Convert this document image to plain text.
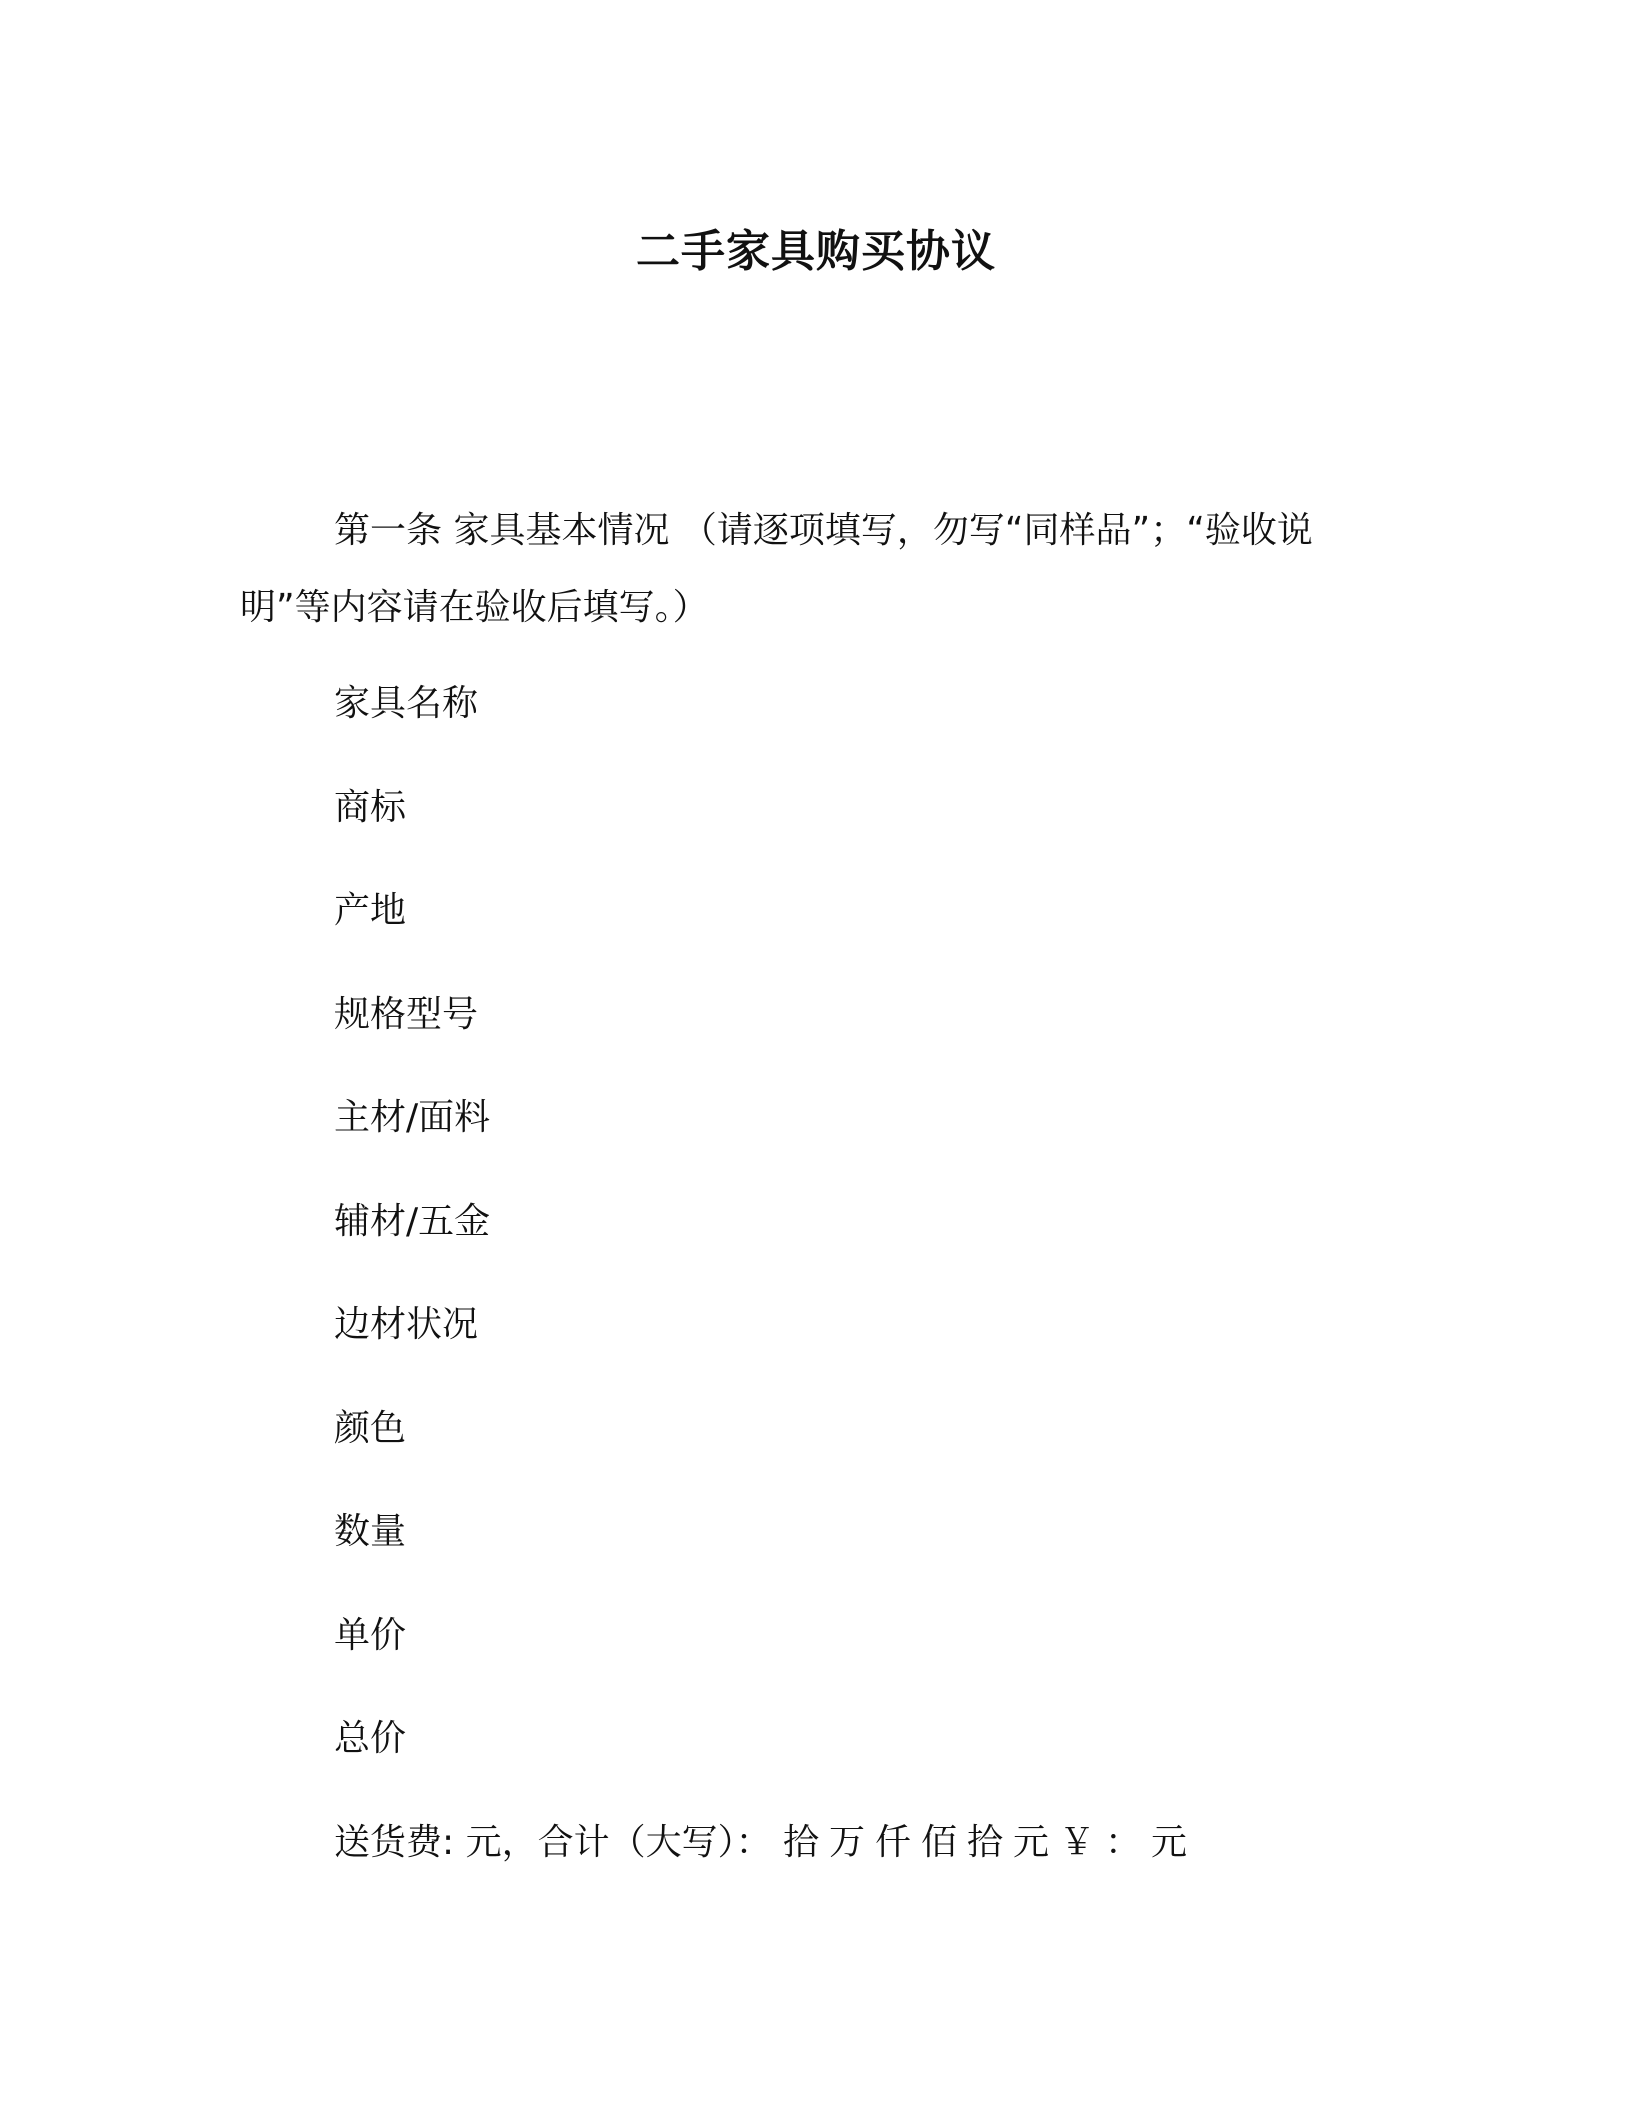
二手家具购买协议
第一条 家具基本情况 （请逐项填写，勿写“同样品”；“验收说明”等内容请在验收后填写。）
家具名称
商标
产地
规格型号
主材/面料
辅材/五金
边材状况
颜色
数量
单价
总价
送货费: 元，合计（大写）： 拾万仟佰拾元￥：元
